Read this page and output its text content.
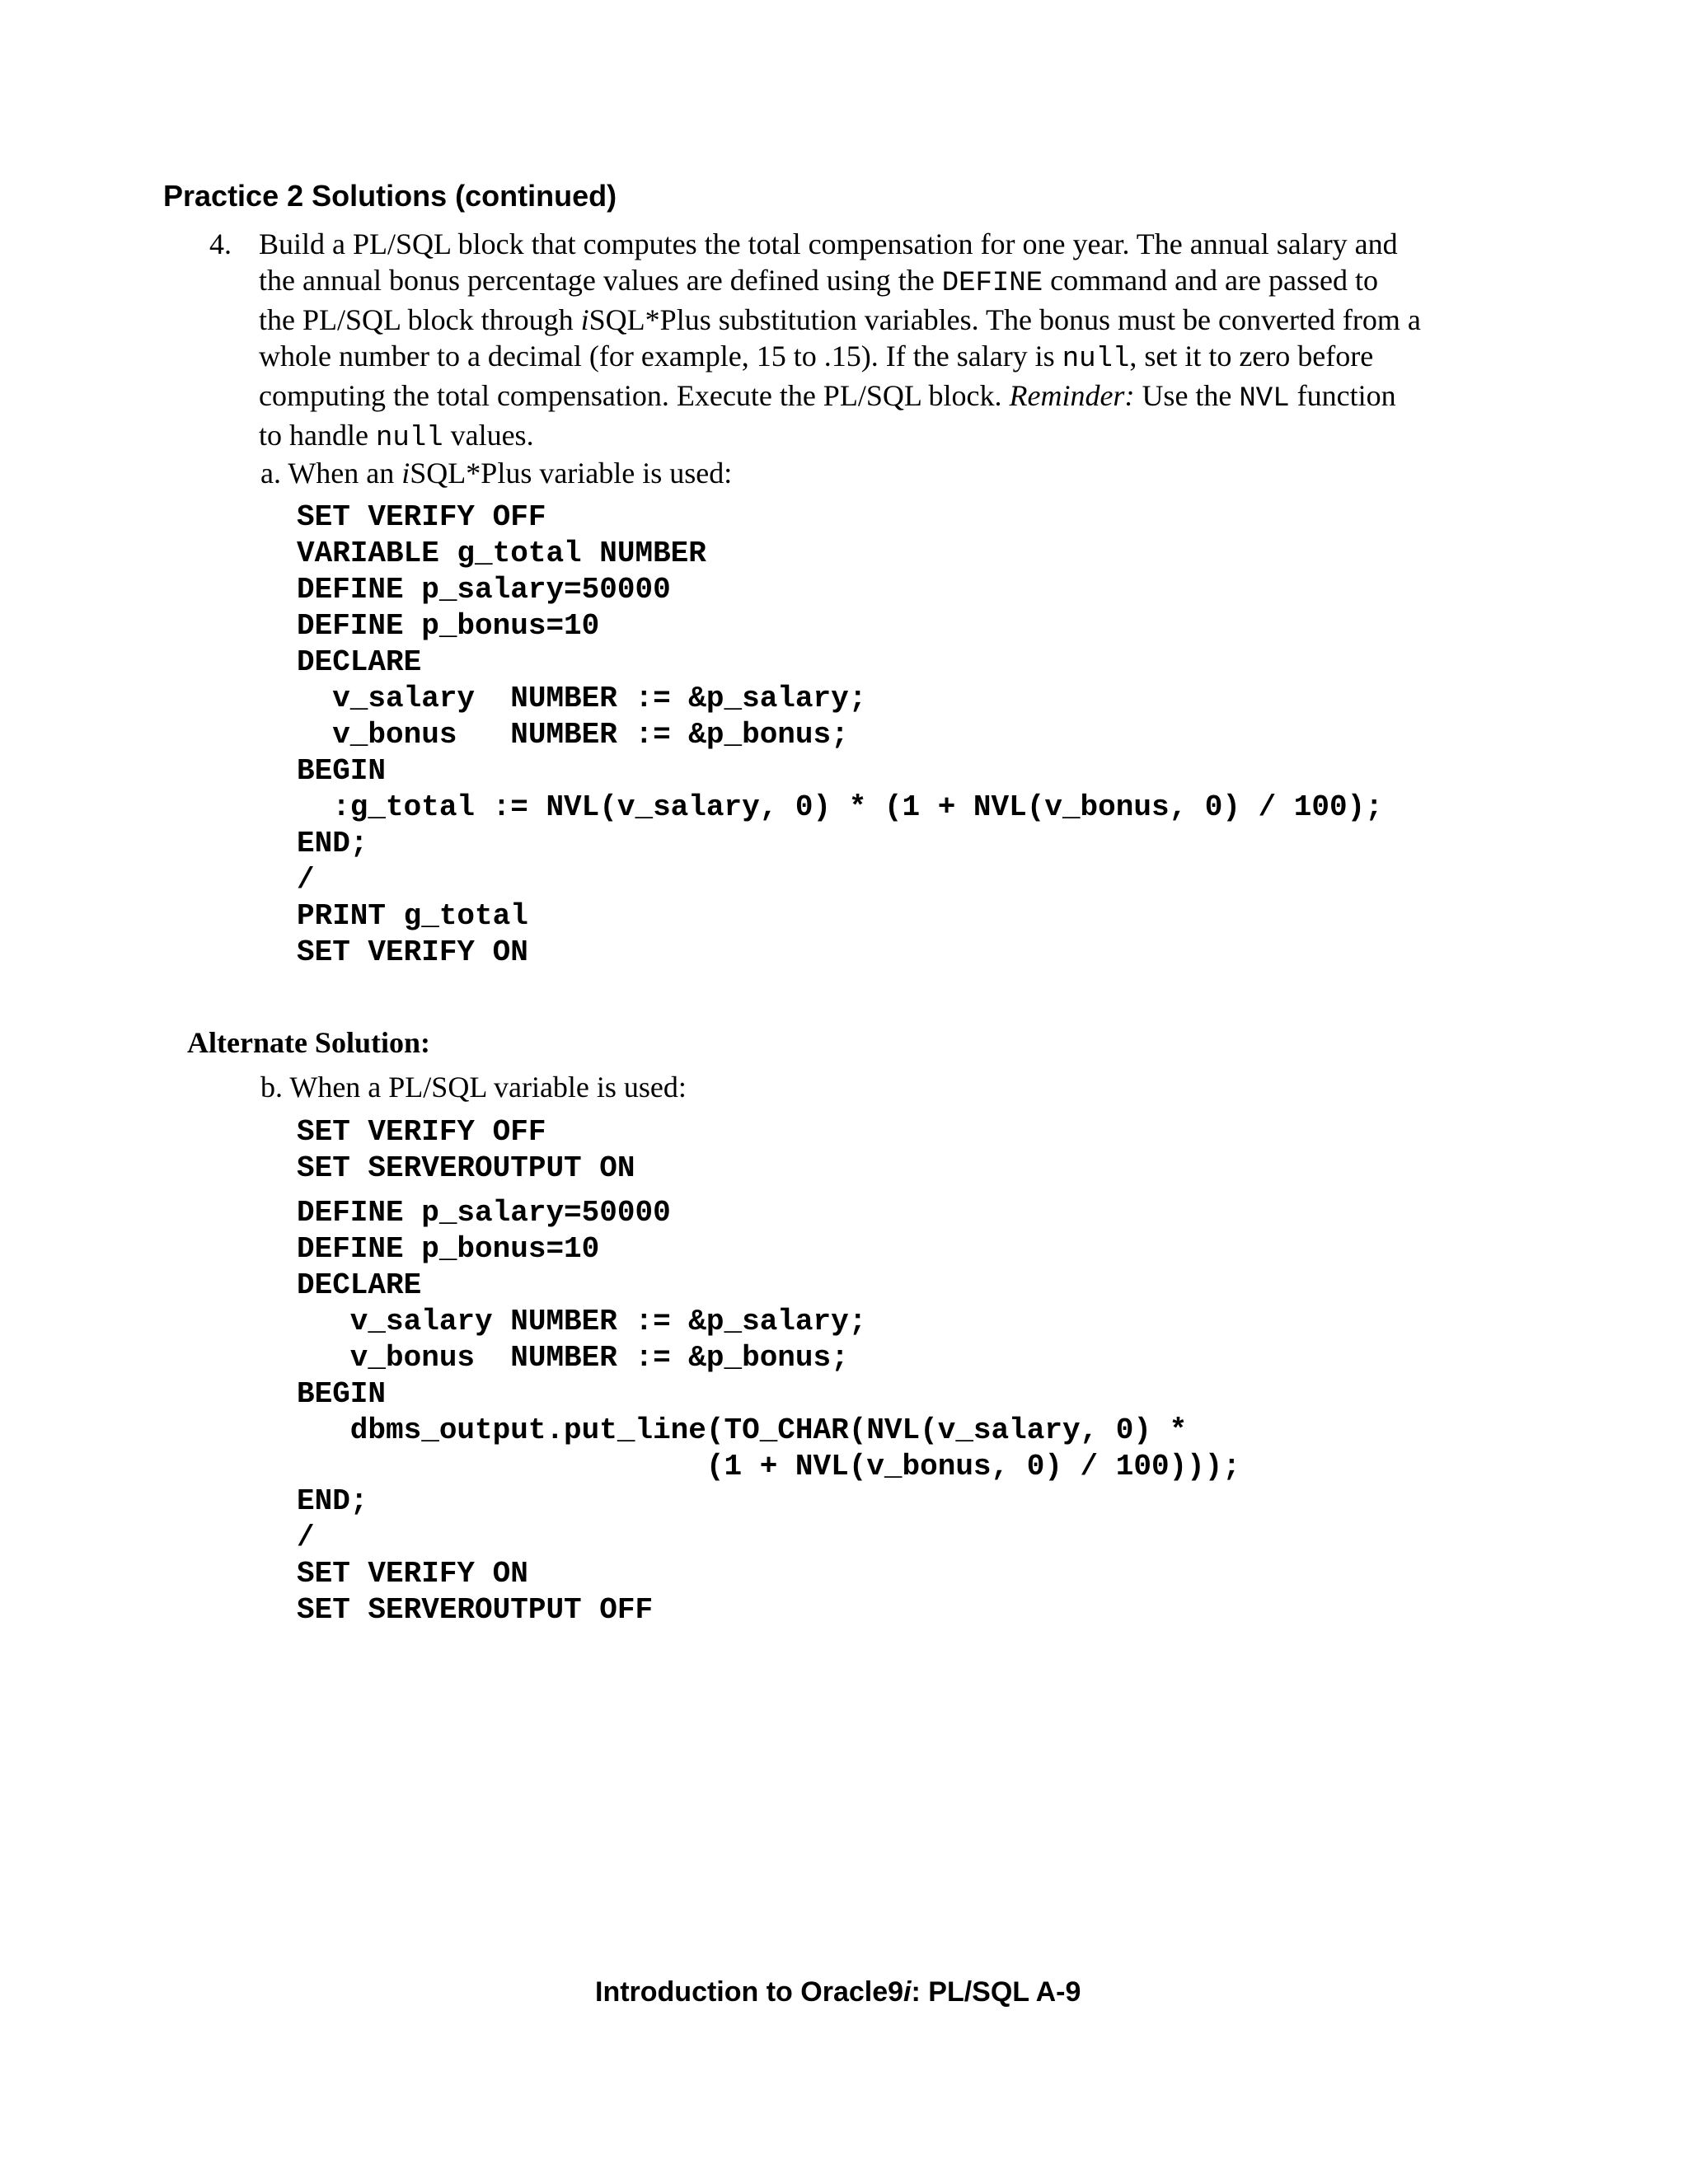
Practice 2 Solutions (continued)
4. Build a PL/SQL block that computes the total compensation for one year. The annual salary and
the annual bonus percentage values are defined using the DEFINE command and are passed to
the PL/SQL block through iSQL*Plus substitution variables. The bonus must be converted from a
whole number to a decimal (for example, 15 to .15). If the salary is null, set it to zero before
computing the total compensation. Execute the PL/SQL block. Reminder: Use the NVL function
to handle null values.
a. When an iSQL*Plus variable is used:
SET VERIFY OFF
VARIABLE g_total NUMBER
DEFINE p_salary=50000
DEFINE p_bonus=10
DECLARE
v_salary  NUMBER := &p_salary;
v_bonus   NUMBER := &p_bonus;
BEGIN
:g_total := NVL(v_salary, 0) * (1 + NVL(v_bonus, 0) / 100);
END;
/
PRINT g_total
SET VERIFY ON
Alternate Solution:
b. When a PL/SQL variable is used:
SET VERIFY OFF
SET SERVEROUTPUT ON
DEFINE p_salary=50000
DEFINE p_bonus=10
DECLARE
v_salary NUMBER := &p_salary;
v_bonus  NUMBER := &p_bonus;
BEGIN
dbms_output.put_line(TO_CHAR(NVL(v_salary, 0) *
(1 + NVL(v_bonus, 0) / 100)));
END;
/
SET VERIFY ON
SET SERVEROUTPUT OFF
Introduction to Oracle9i: PL/SQL A-9
